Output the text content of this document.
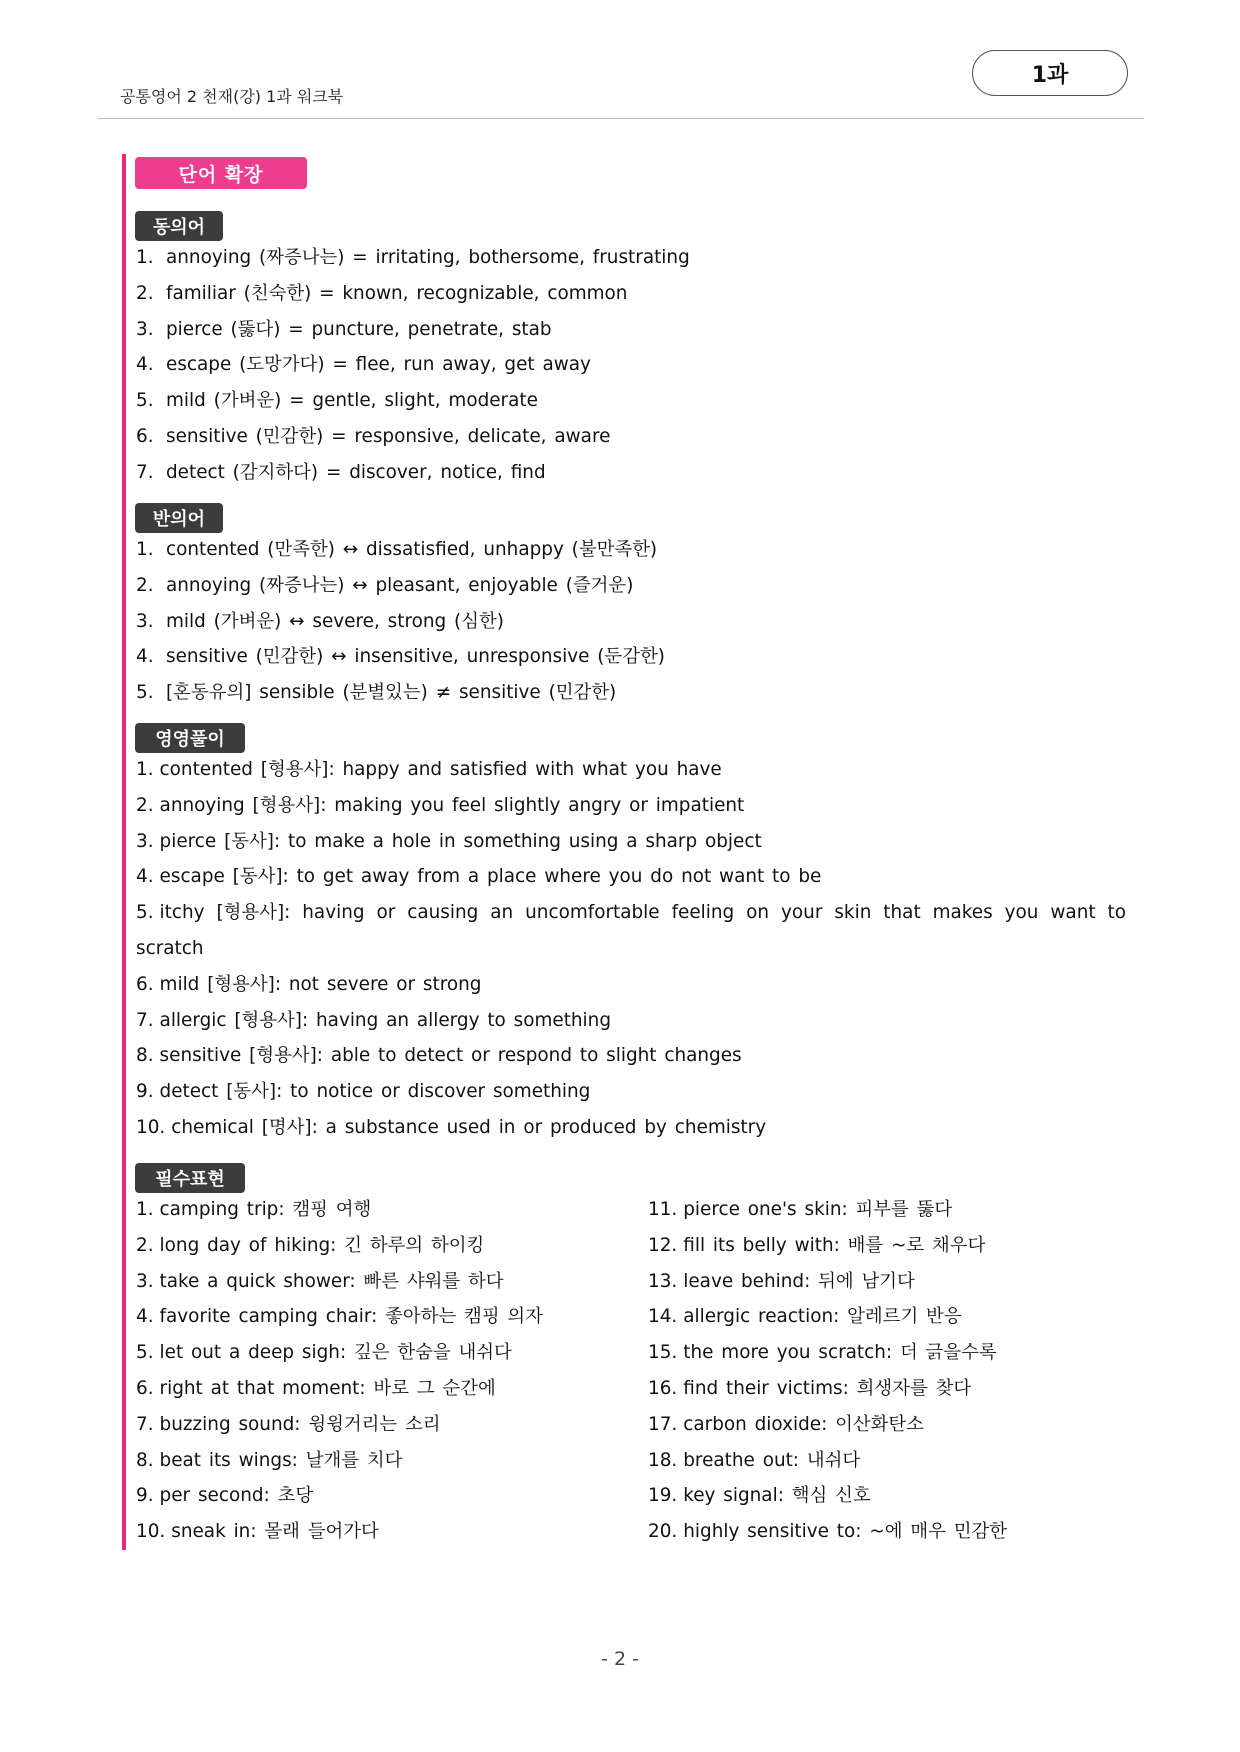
공통영어 2 천재(강) 1과 워크북
1과
단어 확장
동의어
1. annoying (짜증나는) = irritating, bothersome, frustrating
2. familiar (친숙한) = known, recognizable, common
3. pierce (뚫다) = puncture, penetrate, stab
4. escape (도망가다) = flee, run away, get away
5. mild (가벼운) = gentle, slight, moderate
6. sensitive (민감한) = responsive, delicate, aware
7. detect (감지하다) = discover, notice, find
반의어
1. contented (만족한) ↔ dissatisfied, unhappy (불만족한)
2. annoying (짜증나는) ↔ pleasant, enjoyable (즐거운)
3. mild (가벼운) ↔ severe, strong (심한)
4. sensitive (민감한) ↔ insensitive, unresponsive (둔감한)
5. [혼동유의] sensible (분별있는) ≠ sensitive (민감한)
영영풀이
1. contented [형용사]: happy and satisfied with what you have
2. annoying [형용사]: making you feel slightly angry or impatient
3. pierce [동사]: to make a hole in something using a sharp object
4. escape [동사]: to get away from a place where you do not want to be
5. itchy [형용사]: having or causing an uncomfortable feeling on your skin that makes you want to scratch
6. mild [형용사]: not severe or strong
7. allergic [형용사]: having an allergy to something
8. sensitive [형용사]: able to detect or respond to slight changes
9. detect [동사]: to notice or discover something
10. chemical [명사]: a substance used in or produced by chemistry
필수표현
1. camping trip: 캠핑 여행
2. long day of hiking: 긴 하루의 하이킹
3. take a quick shower: 빠른 샤워를 하다
4. favorite camping chair: 좋아하는 캠핑 의자
5. let out a deep sigh: 깊은 한숨을 내쉬다
6. right at that moment: 바로 그 순간에
7. buzzing sound: 윙윙거리는 소리
8. beat its wings: 날개를 치다
9. per second: 초당
10. sneak in: 몰래 들어가다
11. pierce one's skin: 피부를 뚫다
12. fill its belly with: 배를 ~로 채우다
13. leave behind: 뒤에 남기다
14. allergic reaction: 알레르기 반응
15. the more you scratch: 더 긁을수록
16. find their victims: 희생자를 찾다
17. carbon dioxide: 이산화탄소
18. breathe out: 내쉬다
19. key signal: 핵심 신호
20. highly sensitive to: ~에 매우 민감한
- 2 -
